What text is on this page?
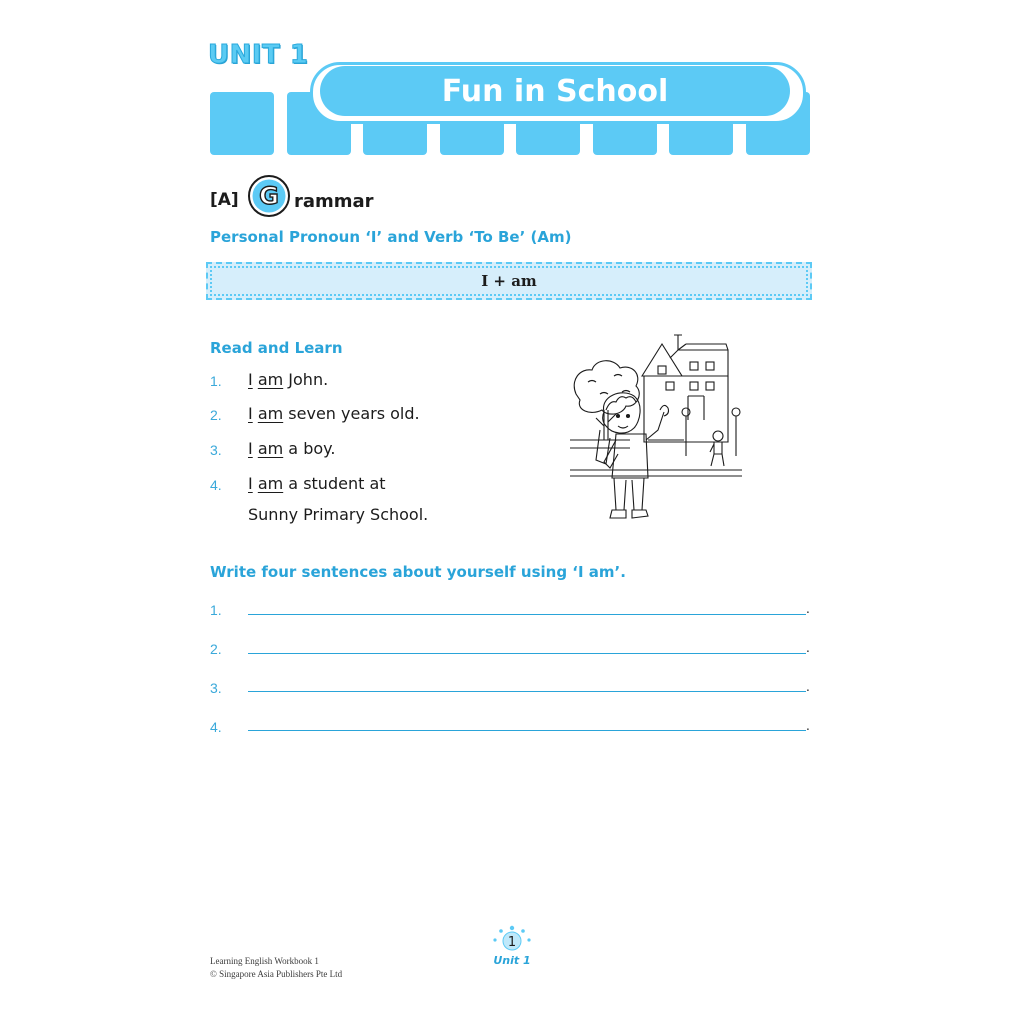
UNIT 1
Fun in School
[A] G rammar
Personal Pronoun ‘I’ and Verb ‘To Be’ (Am)
I + am
Read and Learn
1. I am John.
2. I am seven years old.
3. I am a boy.
4. I am a student at
Sunny Primary School.
Write four sentences about yourself using ‘I am’.
1.	.
2.	.
3.	.
4.	.
Learning English Workbook 1
© Singapore Asia Publishers Pte Ltd
1
Unit 1
